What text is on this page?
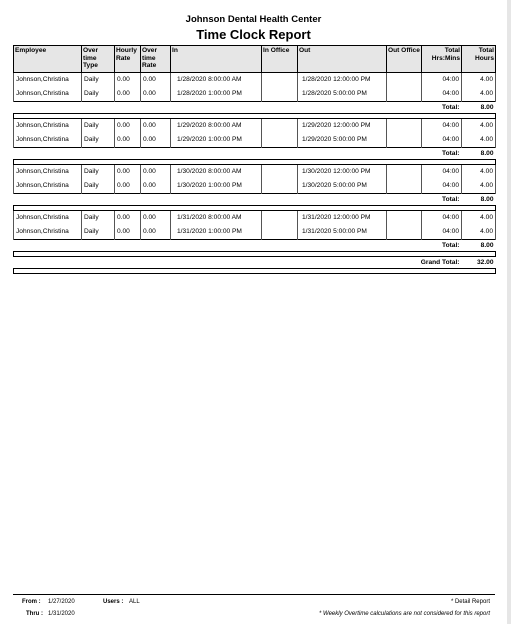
Johnson Dental Health Center
Time Clock Report
Employee	Over time Type	Hourly Rate	Over time Rate	In	In Office	Out	Out Office	Total Hrs:Mins	Total Hours
Johnson,Christina	Daily	0.00	0.00	1/28/2020 8:00:00 AM		1/28/2020 12:00:00 PM		04:00	4.00
Johnson,Christina	Daily	0.00	0.00	1/28/2020 1:00:00 PM		1/28/2020 5:00:00 PM		04:00	4.00
								Total:	8.00

Johnson,Christina	Daily	0.00	0.00	1/29/2020 8:00:00 AM		1/29/2020 12:00:00 PM		04:00	4.00
Johnson,Christina	Daily	0.00	0.00	1/29/2020 1:00:00 PM		1/29/2020 5:00:00 PM		04:00	4.00
								Total:	8.00

Johnson,Christina	Daily	0.00	0.00	1/30/2020 8:00:00 AM		1/30/2020 12:00:00 PM		04:00	4.00
Johnson,Christina	Daily	0.00	0.00	1/30/2020 1:00:00 PM		1/30/2020 5:00:00 PM		04:00	4.00
								Total:	8.00

Johnson,Christina	Daily	0.00	0.00	1/31/2020 8:00:00 AM		1/31/2020 12:00:00 PM		04:00	4.00
Johnson,Christina	Daily	0.00	0.00	1/31/2020 1:00:00 PM		1/31/2020 5:00:00 PM		04:00	4.00
								Total:	8.00

							Grand Total:		32.00

From : 1/27/2020
Thru : 1/31/2020
Users : ALL	* Detail Report
* Weekly Overtime calculations are not considered for this report
